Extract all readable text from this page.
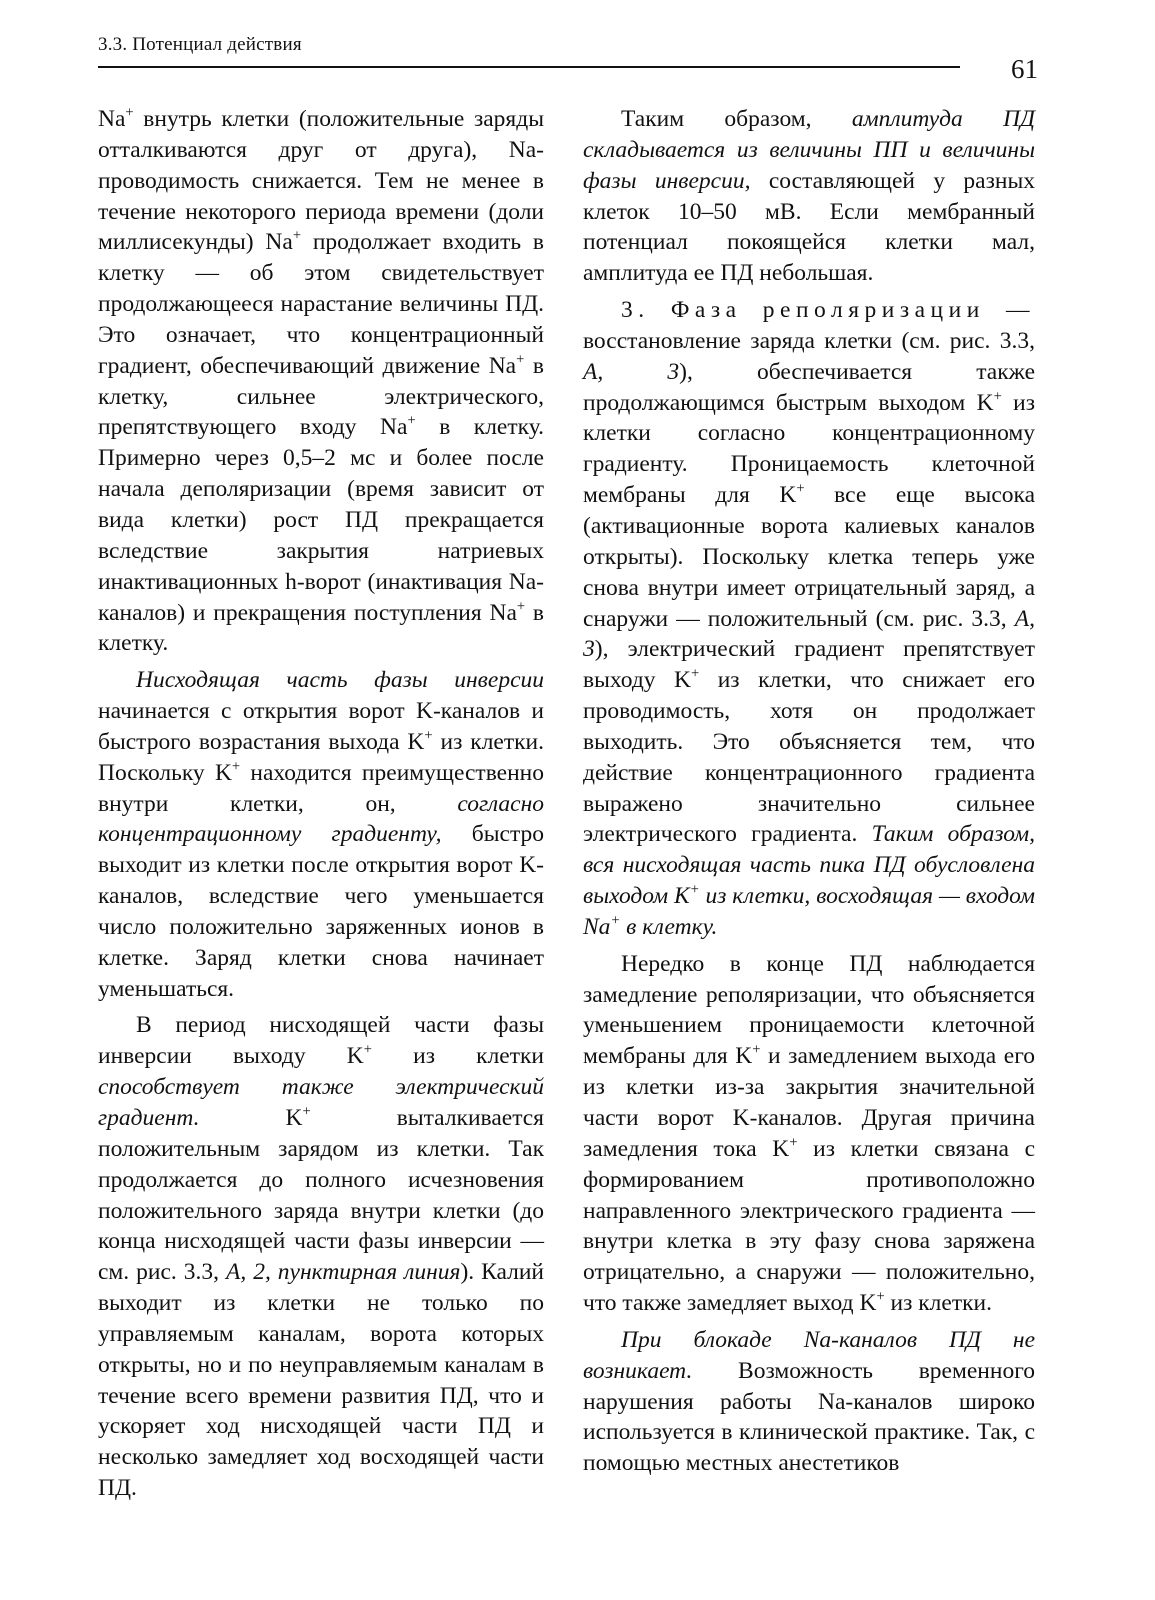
3.3. Потенциал действия
61

Na+ внутрь клетки (положительные заряды отталкиваются друг от друга), Na-проводимость снижается. Тем не менее в течение некоторого периода времени (доли миллисекунды) Na+ продолжает входить в клетку — об этом свидетельствует продолжающееся нарастание величины ПД. Это означает, что концентрационный градиент, обеспечивающий движение Na+ в клетку, сильнее электрического, препятствующего входу Na+ в клетку. Примерно через 0,5–2 мс и более после начала деполяризации (время зависит от вида клетки) рост ПД прекращается вследствие закрытия натриевых инактивационных h-ворот (инактивация Na-каналов) и прекращения поступления Na+ в клетку.

Нисходящая часть фазы инверсии начинается с открытия ворот K-каналов и быстрого возрастания выхода K+ из клетки. Поскольку K+ находится преимущественно внутри клетки, он, согласно концентрационному градиенту, быстро выходит из клетки после открытия ворот K-каналов, вследствие чего уменьшается число положительно заряженных ионов в клетке. Заряд клетки снова начинает уменьшаться.

В период нисходящей части фазы инверсии выходу K+ из клетки способствует также электрический градиент. K+ выталкивается положительным зарядом из клетки. Так продолжается до полного исчезновения положительного заряда внутри клетки (до конца нисходящей части фазы инверсии — см. рис. 3.3, А, 2, пунктирная линия). Калий выходит из клетки не только по управляемым каналам, ворота которых открыты, но и по неуправляемым каналам в течение всего времени развития ПД, что и ускоряет ход нисходящей части ПД и несколько замедляет ход восходящей части ПД.

Таким образом, амплитуда ПД складывается из величины ПП и величины фазы инверсии, составляющей у разных клеток 10–50 мВ. Если мембранный потенциал покоящейся клетки мал, амплитуда ее ПД небольшая.

3. Фаза реполяризации — восстановление заряда клетки (см. рис. 3.3, А, 3), обеспечивается также продолжающимся быстрым выходом K+ из клетки согласно концентрационному градиенту. Проницаемость клеточной мембраны для K+ все еще высока (активационные ворота калиевых каналов открыты). Поскольку клетка теперь уже снова внутри имеет отрицательный заряд, а снаружи — положительный (см. рис. 3.3, А, 3), электрический градиент препятствует выходу K+ из клетки, что снижает его проводимость, хотя он продолжает выходить. Это объясняется тем, что действие концентрационного градиента выражено значительно сильнее электрического градиента. Таким образом, вся нисходящая часть пика ПД обусловлена выходом K+ из клетки, восходящая — входом Na+ в клетку.

Нередко в конце ПД наблюдается замедление реполяризации, что объясняется уменьшением проницаемости клеточной мембраны для K+ и замедлением выхода его из клетки из-за закрытия значительной части ворот K-каналов. Другая причина замедления тока K+ из клетки связана с формированием противоположно направленного электрического градиента — внутри клетка в эту фазу снова заряжена отрицательно, а снаружи — положительно, что также замедляет выход K+ из клетки.

При блокаде Na-каналов ПД не возникает. Возможность временного нарушения работы Na-каналов широко используется в клинической практике. Так, с помощью местных анестетиков
